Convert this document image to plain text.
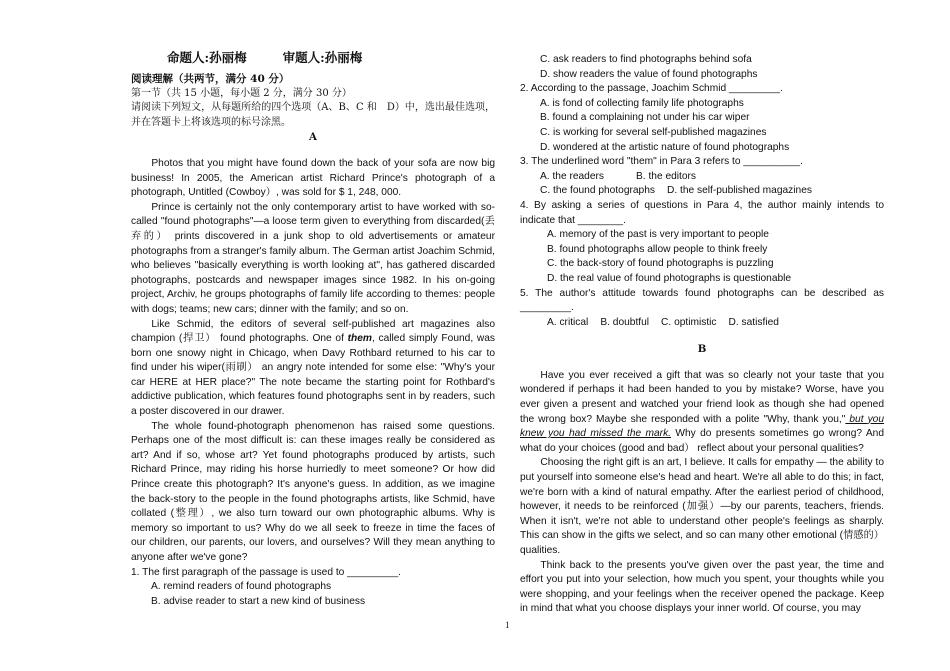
命题人:孙丽梅	审题人:孙丽梅

阅读理解（共两节，满分 40 分）

第一节（共 15 小题，每小题 2 分，满分 30 分）

请阅读下列短文，从每题所给的四个选项（A、B、C 和　D）中，选出最佳选项，并在答题卡上将该选项的标号涂黑。

A

Photos that you might have found down the back of your sofa are now big business! In 2005, the American artist Richard Prince's photograph of a photograph, Untitled (Cowboy）, was sold for $ 1, 248, 000.

Prince is certainly not the only contemporary artist to have worked with so-called "found photographs"—a loose term given to everything from discarded(丢弃的） prints discovered in a junk shop to old advertisements or amateur photographs from a stranger's family album. The German artist Joachim Schmid, who believes "basically everything is worth looking at", has gathered discarded photographs, postcards and newspaper images since 1982. In his on-going project, Archiv, he groups photographs of family life according to themes: people with dogs; teams; new cars; dinner with the family; and so on.

Like Schmid, the editors of several self-published art magazines also champion (捍卫） found photographs. One of them, called simply Found, was born one snowy night in Chicago, when Davy Rothbard returned to his car to find under his wiper(雨刷） an angry note intended for some else: "Why's your car HERE at HER place?" The note became the starting point for Rothbard's addictive publication, which features found photographs sent in by readers, such a poster discovered in our drawer.

The whole found-photograph phenomenon has raised some questions. Perhaps one of the most difficult is: can these images really be considered as art? And if so, whose art? Yet found photographs produced by artists, such Richard Prince, may riding his horse hurriedly to meet someone? Or how did Prince create this photograph? It's anyone's guess. In addition, as we imagine the back-story to the people in the found photographs artists, like Schmid, have collated (整理）, we also turn toward our own photographic albums. Why is memory so important to us? Why do we all seek to freeze in time the faces of our children, our parents, our lovers, and ourselves? Will they mean anything to anyone after we've gone?

1. The first paragraph of the passage is used to _________.

A. remind readers of found photographs

B. advise reader to start a new kind of business

C. ask readers to find photographs behind sofa

D. show readers the value of found photographs

2. According to the passage, Joachim Schmid _________.

A. is fond of collecting family life photographs

B. found a complaining not under his car wiper

C. is working for several self-published magazines

D. wondered at the artistic nature of found photographs

3. The underlined word "them" in Para 3 refers to __________.

A. the readers	B. the editors

C. the found photographs D. the self-published magazines

4. By asking a series of questions in Para 4, the author mainly intends to indicate that ________.

A. memory of the past is very important to people

B. found photographs allow people to think freely

C. the back-story of found photographs is puzzling

D. the real value of found photographs is questionable

5. The author's attitude towards found photographs can be described as _________.

A. critical B. doubtful C. optimistic D. satisfied

B

Have you ever received a gift that was so clearly not your taste that you wondered if perhaps it had been handed to you by mistake? Worse, have you ever given a present and watched your friend look as though she had opened the wrong box? Maybe she responded with a polite "Why, thank you," but you knew you had missed the mark. Why do presents sometimes go wrong? And what do your choices (good and bad） reflect about your personal qualities?

Choosing the right gift is an art, I believe. It calls for empathy — the ability to put yourself into someone else's head and heart. We're all able to do this; in fact, we're born with a kind of natural empathy. After the earliest period of childhood, however, it needs to be reinforced (加强）—by our parents, teachers, friends. When it isn't, we're not able to understand other people's feelings as sharply. This can show in the gifts we select, and so can many other emotional (情感的） qualities.

Think back to the presents you've given over the past year, the time and effort you put into your selection, how much you spent, your thoughts while you were shopping, and your feelings when the receiver opened the package. Keep in mind that what you choose displays your inner world. Of course, you may

1
